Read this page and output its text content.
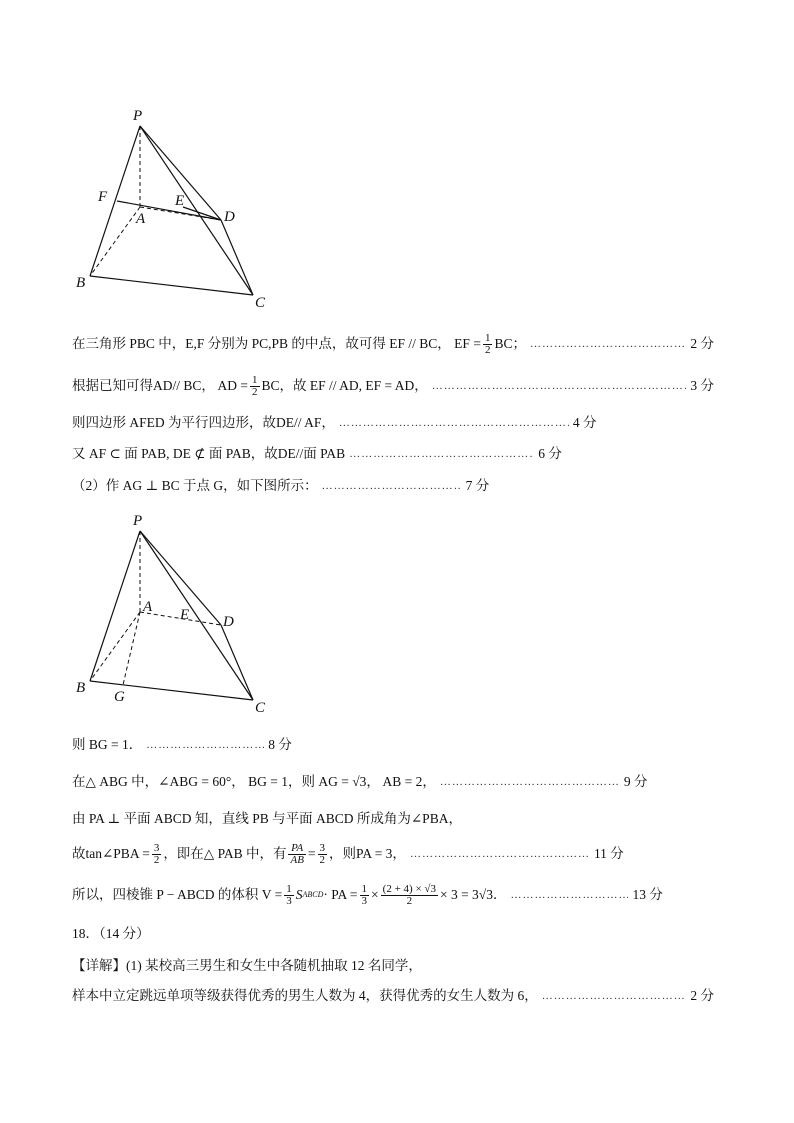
P
F	E
A	D
B
C
P
A E D
B
G
C
在三角形 PBC 中，E,F 分别为 PC,PB 的中点，故可得 EF // BC， EF = $\frac{1}{2}$ BC； ……………………………………………………………………………………………………………………………	2 分
根据已知可得AD// BC， AD = $\frac{1}{2}$ BC，故 EF // AD, EF = AD， ……………………………………………………………………………………………………………………………	3 分
则四边形 AFED 为平行四边形，故DE// AF， ……………………………………………………………………………………………………………………………	4 分
又 AF ⊂ 面 PAB, DE ⊄ 面 PAB，故DE//面 PAB ……………………………………………………………………………………………………………………………	6 分
（2）作 AG ⊥ BC 于点 G，如下图所示： ……………………………………………………………………………………………………………………………	7 分
则 BG = 1． ……………………………………………………………………………………………………………………………	8 分
在△ ABG 中，∠ABG = 60°， BG = 1，则 AG = √3， AB = 2， ……………………………………………………………………………………………………………………………	9 分
由 PA ⊥ 平面 ABCD 知，直线 PB 与平面 ABCD 所成角为∠PBA，
故tan∠PBA = $\frac{3}{2}$ ，即在△ PAB 中，有 $\frac{PA}{AB} = \frac{3}{2}$ ，则PA = 3， ……………………………………………………………………………………………………………………………	11 分
所以，四棱锥 P − ABCD 的体积 $V = \frac{1}{3}$ S ABCD · PA = $\frac{1}{3} \times \frac{(2 + 4) \times √3}{2} \times 3 = 3√3$． ……………………………………………………………………………………………………………………………	13 分
18．（14 分）
【详解】(1) 某校高三男生和女生中各随机抽取 12 名同学，
样本中立定跳远单项等级获得优秀的男生人数为 4，获得优秀的女生人数为 6， ……………………………………………………………………………………………………………………………	2 分
